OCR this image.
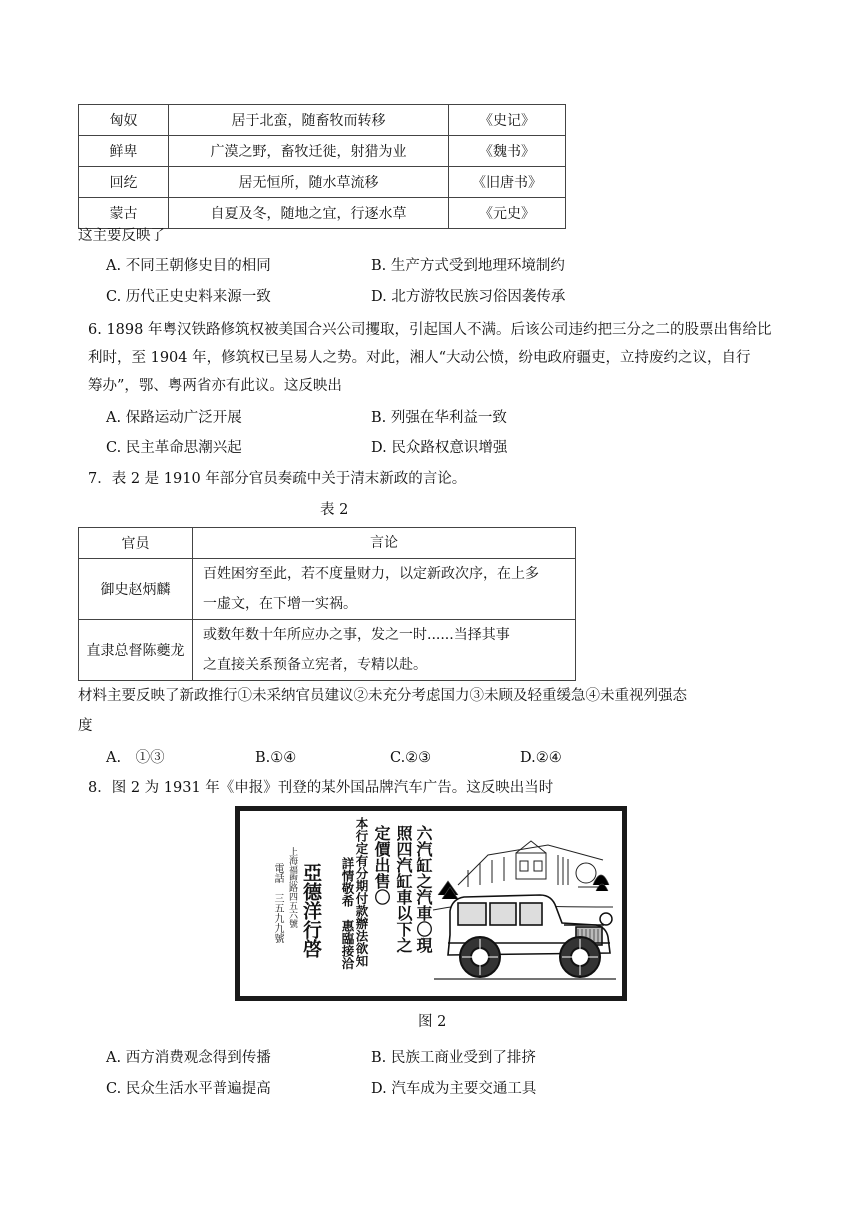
匈奴	居于北蛮，随畜牧而转移	《史记》
鲜卑	广漠之野，畜牧迁徙，射猎为业	《魏书》
回纥	居无恒所，随水草流移	《旧唐书》
蒙古	自夏及冬，随地之宜，行逐水草	《元史》
这主要反映了
A. 不同王朝修史目的相同	B. 生产方式受到地理环境制约
C. 历代正史史料来源一致	D. 北方游牧民族习俗因袭传承
6. 1898 年粤汉铁路修筑权被美国合兴公司攫取，引起国人不满。后该公司违约把三分之二的股票出售给比
利时，至 1904 年，修筑权已呈易人之势。对此，湘人“大动公愤，纷电政府疆吏，立持废约之议，自行
筹办”，鄂、粤两省亦有此议。这反映出
A. 保路运动广泛开展	B. 列强在华利益一致
C. 民主革命思潮兴起	D. 民众路权意识增强
7．表 2 是 1910 年部分官员奏疏中关于清末新政的言论。
表 2
官员	言论
御史赵炳麟	百姓困穷至此，若不度量财力，以定新政次序，在上多
一虚文，在下增一实祸。

直隶总督陈夔龙	或数年数十年所应办之事，发之一时......当择其事
之直接关系预备立宪者，专精以赴。
材料主要反映了新政推行①未采纳官员建议②未充分考虑国力③未顾及轻重缓急④未重视列强态
度
A.　①③	B.①④	C.②③	D.②④
8．图 2 为 1931 年《申报》刊登的某外国品牌汽车广告。这反映出当时
電話　三五九九號 上海福煦路四五六號 亞德洋行啓 詳情敬希　惠臨接洽 本行定有分期付款辦法欲知 定價出售〇 照四汽缸車以下之 六汽缸之汽車〇現
图 2
A. 西方消费观念得到传播	B. 民族工商业受到了排挤
C. 民众生活水平普遍提高	D. 汽车成为主要交通工具
